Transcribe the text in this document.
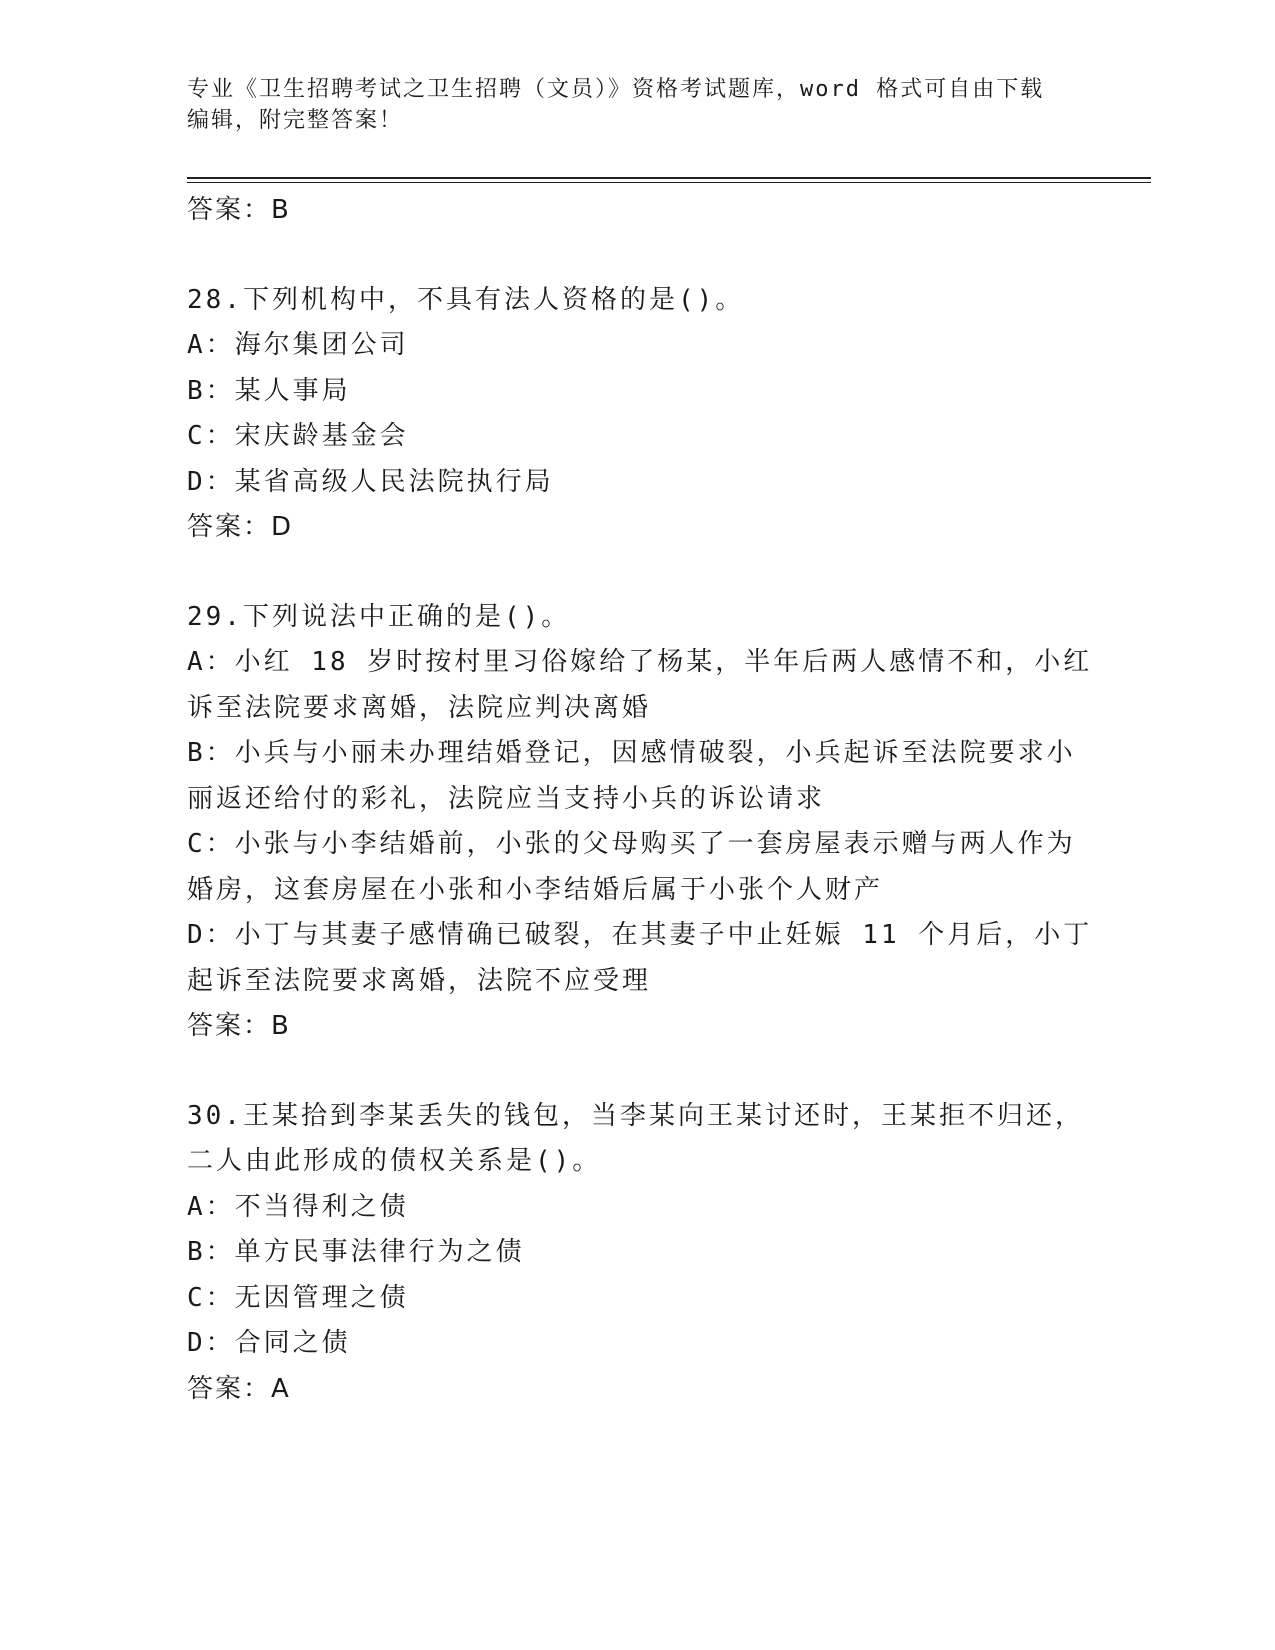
专业《卫生招聘考试之卫生招聘（文员）》资格考试题库，word 格式可自由下载
编辑，附完整答案！
答案：B
28.下列机构中，不具有法人资格的是()。
A：海尔集团公司
B：某人事局
C：宋庆龄基金会
D：某省高级人民法院执行局
答案：D
29.下列说法中正确的是()。
A：小红 18 岁时按村里习俗嫁给了杨某，半年后两人感情不和，小红
诉至法院要求离婚，法院应判决离婚
B：小兵与小丽未办理结婚登记，因感情破裂，小兵起诉至法院要求小
丽返还给付的彩礼，法院应当支持小兵的诉讼请求
C：小张与小李结婚前，小张的父母购买了一套房屋表示赠与两人作为
婚房，这套房屋在小张和小李结婚后属于小张个人财产
D：小丁与其妻子感情确已破裂，在其妻子中止妊娠 11 个月后，小丁
起诉至法院要求离婚，法院不应受理
答案：B
30.王某拾到李某丢失的钱包，当李某向王某讨还时，王某拒不归还，
二人由此形成的债权关系是()。
A：不当得利之债
B：单方民事法律行为之债
C：无因管理之债
D：合同之债
答案：A
